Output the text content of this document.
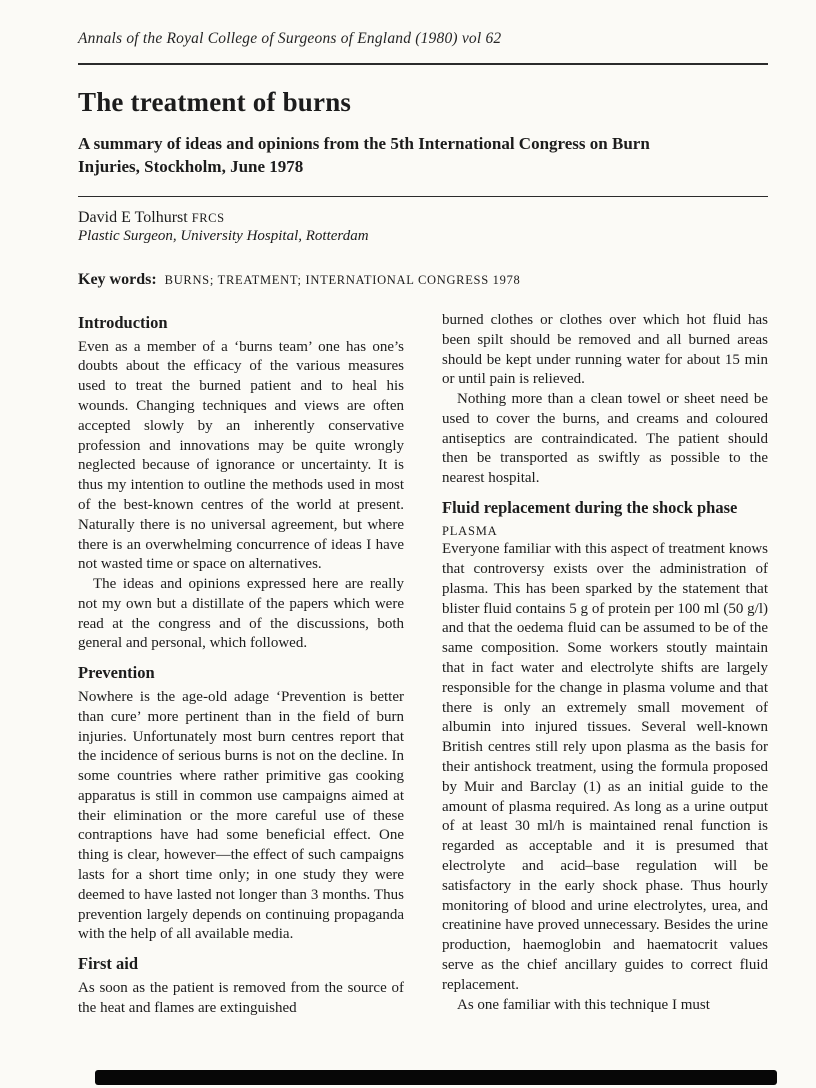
Annals of the Royal College of Surgeons of England (1980) vol 62
The treatment of burns
A summary of ideas and opinions from the 5th International Congress on Burn Injuries, Stockholm, June 1978
David E Tolhurst FRCS
Plastic Surgeon, University Hospital, Rotterdam
Key words: BURNS; TREATMENT; INTERNATIONAL CONGRESS 1978
Introduction

Even as a member of a ‘burns team’ one has one’s doubts about the efficacy of the various measures used to treat the burned patient and to heal his wounds. Changing techniques and views are often accepted slowly by an inherently conservative profession and innovations may be quite wrongly neglected because of ignorance or uncertainty. It is thus my intention to outline the methods used in most of the best-known centres of the world at present. Naturally there is no universal agreement, but where there is an overwhelming concurrence of ideas I have not wasted time or space on alternatives.

The ideas and opinions expressed here are really not my own but a distillate of the papers which were read at the congress and of the discussions, both general and personal, which followed.

Prevention

Nowhere is the age-old adage ‘Prevention is better than cure’ more pertinent than in the field of burn injuries. Unfortunately most burn centres report that the incidence of serious burns is not on the decline. In some countries where rather primitive gas cooking apparatus is still in common use campaigns aimed at their elimination or the more careful use of these contraptions have had some beneficial effect. One thing is clear, however—the effect of such campaigns lasts for a short time only; in one study they were deemed to have lasted not longer than 3 months. Thus prevention largely depends on continuing propaganda with the help of all available media.

First aid

As soon as the patient is removed from the source of the heat and flames are extinguished

burned clothes or clothes over which hot fluid has been spilt should be removed and all burned areas should be kept under running water for about 15 min or until pain is relieved.

Nothing more than a clean towel or sheet need be used to cover the burns, and creams and coloured antiseptics are contraindicated. The patient should then be transported as swiftly as possible to the nearest hospital.

Fluid replacement during the shock phase
PLASMA

Everyone familiar with this aspect of treatment knows that controversy exists over the administration of plasma. This has been sparked by the statement that blister fluid contains 5 g of protein per 100 ml (50 g/l) and that the oedema fluid can be assumed to be of the same composition. Some workers stoutly maintain that in fact water and electrolyte shifts are largely responsible for the change in plasma volume and that there is only an extremely small movement of albumin into injured tissues. Several well-known British centres still rely upon plasma as the basis for their antishock treatment, using the formula proposed by Muir and Barclay (1) as an initial guide to the amount of plasma required. As long as a urine output of at least 30 ml/h is maintained renal function is regarded as acceptable and it is presumed that electrolyte and acid–base regulation will be satisfactory in the early shock phase. Thus hourly monitoring of blood and urine electrolytes, urea, and creatinine have proved unnecessary. Besides the urine production, haemoglobin and haematocrit values serve as the chief ancillary guides to correct fluid replacement.

As one familiar with this technique I must
